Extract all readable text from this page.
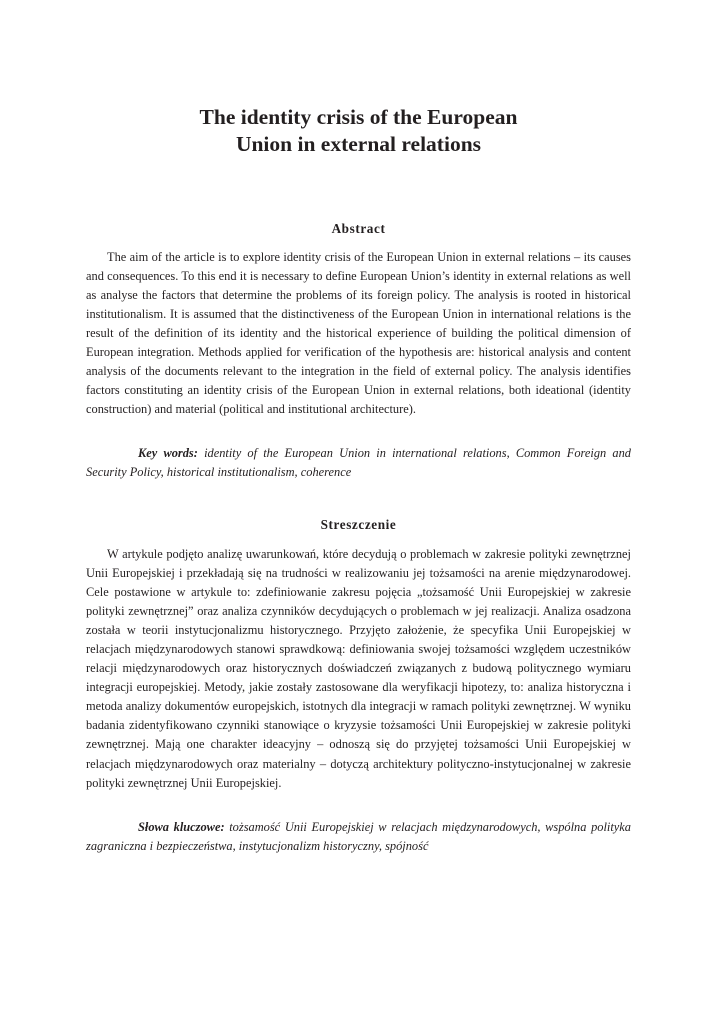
The identity crisis of the European
Union in external relations
Abstract

The aim of the article is to explore identity crisis of the European Union in external relations – its causes and consequences. To this end it is necessary to define European Union’s identity in external relations as well as analyse the factors that determine the problems of its foreign policy. The analysis is rooted in historical institutionalism. It is assumed that the distinctiveness of the European Union in international relations is the result of the definition of its identity and the historical experience of building the political dimension of European integration. Methods applied for verification of the hypothesis are: historical analysis and content analysis of the documents relevant to the integration in the field of external policy. The analysis identifies factors constituting an identity crisis of the European Union in external relations, both ideational (identity construction) and material (political and institutional architecture).

Key words: identity of the European Union in international relations, Common Foreign and Security Policy, historical institutionalism, coherence

Streszczenie

W artykule podjęto analizę uwarunkowań, które decydują o problemach w zakresie polityki zewnętrznej Unii Europejskiej i przekładają się na trudności w realizowaniu jej tożsamości na arenie międzynarodowej. Cele postawione w artykule to: zdefiniowanie zakresu pojęcia „tożsamość Unii Europejskiej w zakresie polityki zewnętrznej” oraz analiza czynników decydujących o problemach w jej realizacji. Analiza osadzona została w teorii instytucjonalizmu historycznego. Przyjęto założenie, że specyfika Unii Europejskiej w relacjach międzynarodowych stanowi sprawdkową: definiowania swojej tożsamości względem uczestników relacji międzynarodowych oraz historycznych doświadczeń związanych z budową politycznego wymiaru integracji europejskiej. Metody, jakie zostały zastosowane dla weryfikacji hipotezy, to: analiza historyczna i metoda analizy dokumentów europejskich, istotnych dla integracji w ramach polityki zewnętrznej. W wyniku badania zidentyfikowano czynniki stanowiące o kryzysie tożsamości Unii Europejskiej w zakresie polityki zewnętrznej. Mają one charakter ideacyjny – odnoszą się do przyjętej tożsamości Unii Europejskiej w relacjach międzynarodowych oraz materialny – dotyczą architektury polityczno-instytucjonalnej w zakresie polityki zewnętrznej Unii Europejskiej.

Słowa kluczowe: tożsamość Unii Europejskiej w relacjach międzynarodowych, wspólna polityka zagraniczna i bezpieczeństwa, instytucjonalizm historyczny, spójność
